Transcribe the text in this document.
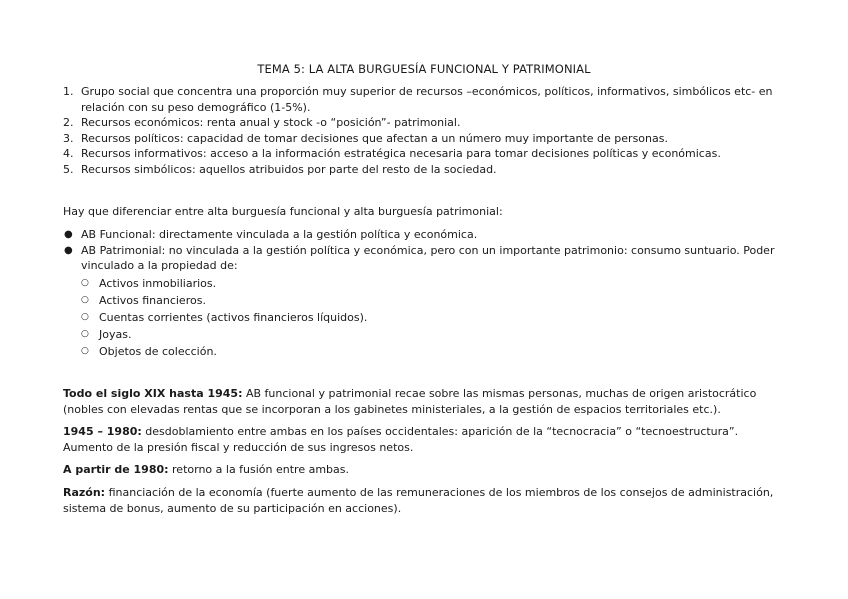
TEMA 5: LA ALTA BURGUESÍA FUNCIONAL Y PATRIMONIAL
1. Grupo social que concentra una proporción muy superior de recursos –económicos, políticos, informativos, simbólicos etc- en relación con su peso demográfico (1-5%).
2. Recursos económicos: renta anual y stock -o “posición”- patrimonial.
3. Recursos políticos: capacidad de tomar decisiones que afectan a un número muy importante de personas.
4. Recursos informativos: acceso a la información estratégica necesaria para tomar decisiones políticas y económicas.
5. Recursos simbólicos: aquellos atribuidos por parte del resto de la sociedad.
Hay que diferenciar entre alta burguesía funcional y alta burguesía patrimonial:
● AB Funcional: directamente vinculada a la gestión política y económica.
● AB Patrimonial: no vinculada a la gestión política y económica, pero con un importante patrimonio: consumo suntuario. Poder vinculado a la propiedad de:
○ Activos inmobiliarios.
○ Activos financieros.
○ Cuentas corrientes (activos financieros líquidos).
○ Joyas.
○ Objetos de colección.
Todo el siglo XIX hasta 1945: AB funcional y patrimonial recae sobre las mismas personas, muchas de origen aristocrático (nobles con elevadas rentas que se incorporan a los gabinetes ministeriales, a la gestión de espacios territoriales etc.).
1945 – 1980: desdoblamiento entre ambas en los países occidentales: aparición de la “tecnocracia” o “tecnoestructura”. Aumento de la presión fiscal y reducción de sus ingresos netos.
A partir de 1980: retorno a la fusión entre ambas.
Razón: financiación de la economía (fuerte aumento de las remuneraciones de los miembros de los consejos de administración, sistema de bonus, aumento de su participación en acciones).
